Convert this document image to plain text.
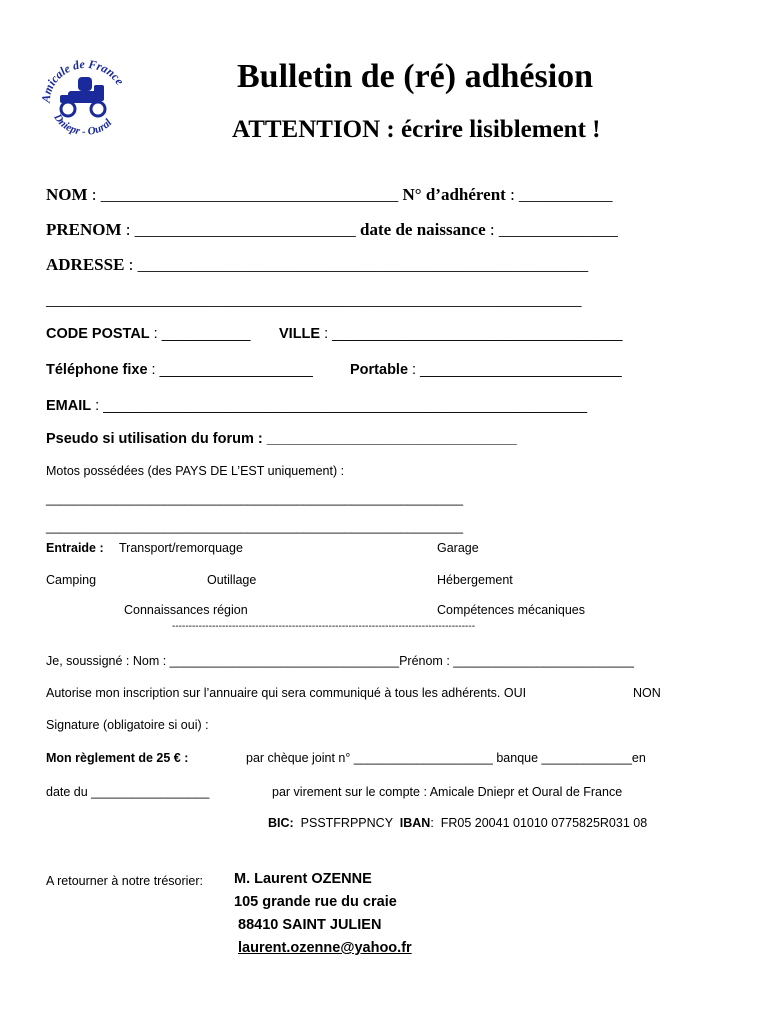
Amicale de France
Dniepr - Oural
Bulletin de (ré) adhésion
ATTENTION : écrire lisiblement !
NOM : ___________________________________ N° d’adhérent : ___________
PRENOM : __________________________ date de naissance : ______________
ADRESSE : _____________________________________________________
_______________________________________________________________
CODE POSTAL : ___________ VILLE : ____________________________________
Téléphone fixe : ___________________	Portable : _________________________
EMAIL : ____________________________________________________________
Pseudo si utilisation du forum : _______________________________
Motos possédées (des PAYS DE L’EST uniquement) :
____________________________________________________________
____________________________________________________________
Entraide : Transport/remorquage	Garage
Camping	Outillage	Hébergement
Connaissances région	Compétences mécaniques
-------------------------------------------------------------------------------------------
Je, soussigné : Nom : _________________________________Prénom : __________________________
Autorise mon inscription sur l’annuaire qui sera communiqué à tous les adhérents. OUI	NON
Signature (obligatoire si oui) :
Mon règlement de 25 € :	par chèque joint n° ____________________ banque _____________en
date du _________________	par virement sur le compte : Amicale Dniepr et Oural de France
BIC:  PSSTFRPPNCY  IBAN:  FR05 20041 01010 0775825R031 08
A retourner à notre trésorier: M. Laurent OZENNE
105 grande rue du craie
88410 SAINT JULIEN
laurent.ozenne@yahoo.fr
